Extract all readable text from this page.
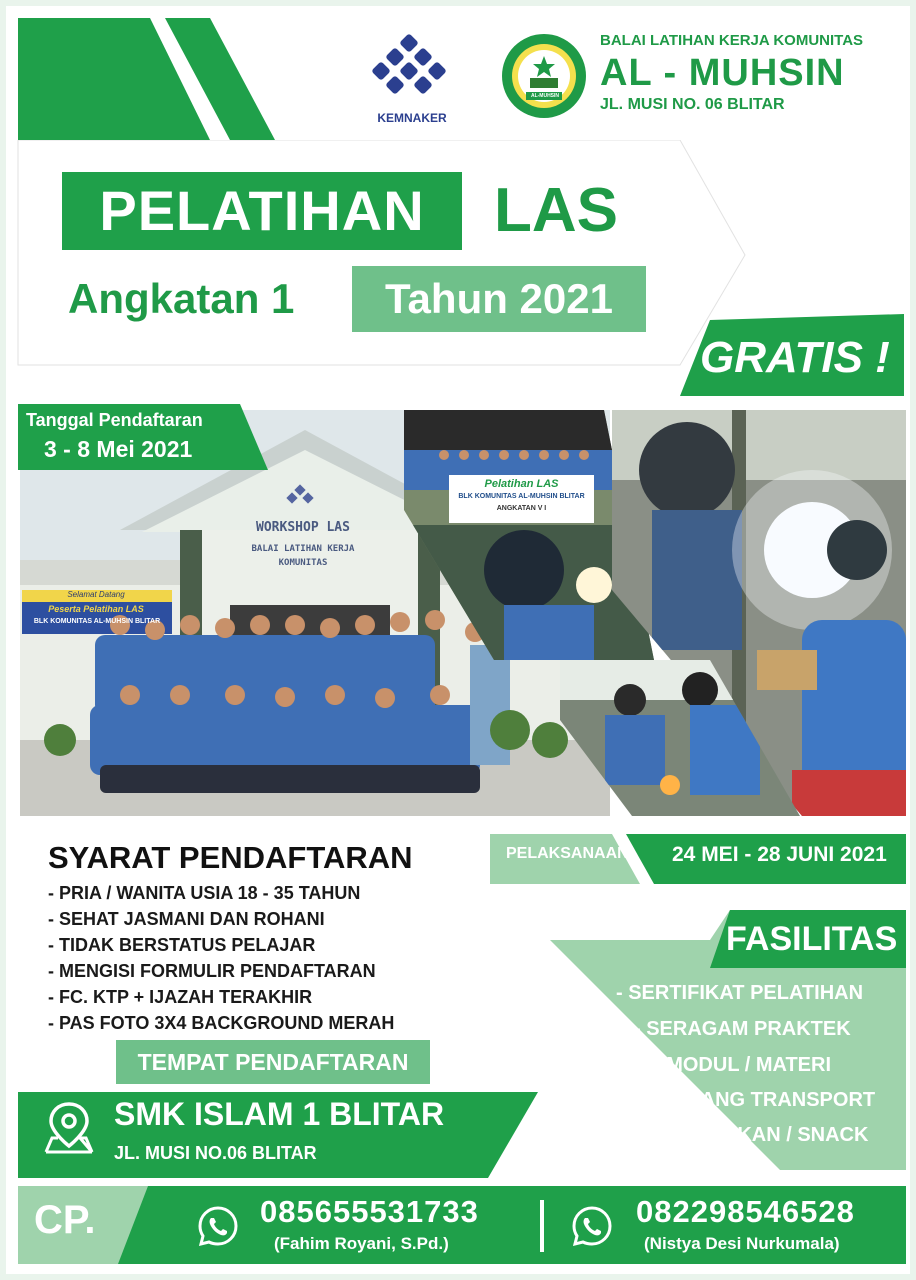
KEMNAKER
AL-MUHSIN
BALAI LATIHAN KERJA KOMUNITAS
AL - MUHSIN
JL. MUSI NO. 06 BLITAR
PELATIHAN	LAS
Angkatan 1	Tahun 2021
GRATIS !
WORKSHOP LAS
BALAI LATIHAN KERJA
KOMUNITAS
Selamat Datang
Peserta Pelatihan LAS
BLK KOMUNITAS AL-MUHSIN BLITAR
Tanggal Pendaftaran
3 - 8 Mei 2021
Pelatihan LAS
BLK KOMUNITAS AL-MUHSIN BLITAR
ANGKATAN V I
SYARAT PENDAFTARAN
- PRIA / WANITA USIA 18 - 35 TAHUN
- SEHAT JASMANI DAN ROHANI
- TIDAK BERSTATUS PELAJAR
- MENGISI FORMULIR PENDAFTARAN
- FC. KTP + IJAZAH TERAKHIR
- PAS FOTO 3X4 BACKGROUND MERAH
PELAKSANAAN 24 MEI - 28 JUNI 2021
FASILITAS
- SERTIFIKAT PELATIHAN
- SERAGAM PRAKTEK
- MODUL / MATERI
- UANG TRANSPORT
- MAKAN / SNACK
TEMPAT PENDAFTARAN
SMK ISLAM 1 BLITAR
JL. MUSI NO.06 BLITAR
CP.	085655531733
(Fahim Royani, S.Pd.)
082298546528
(Nistya Desi Nurkumala)
